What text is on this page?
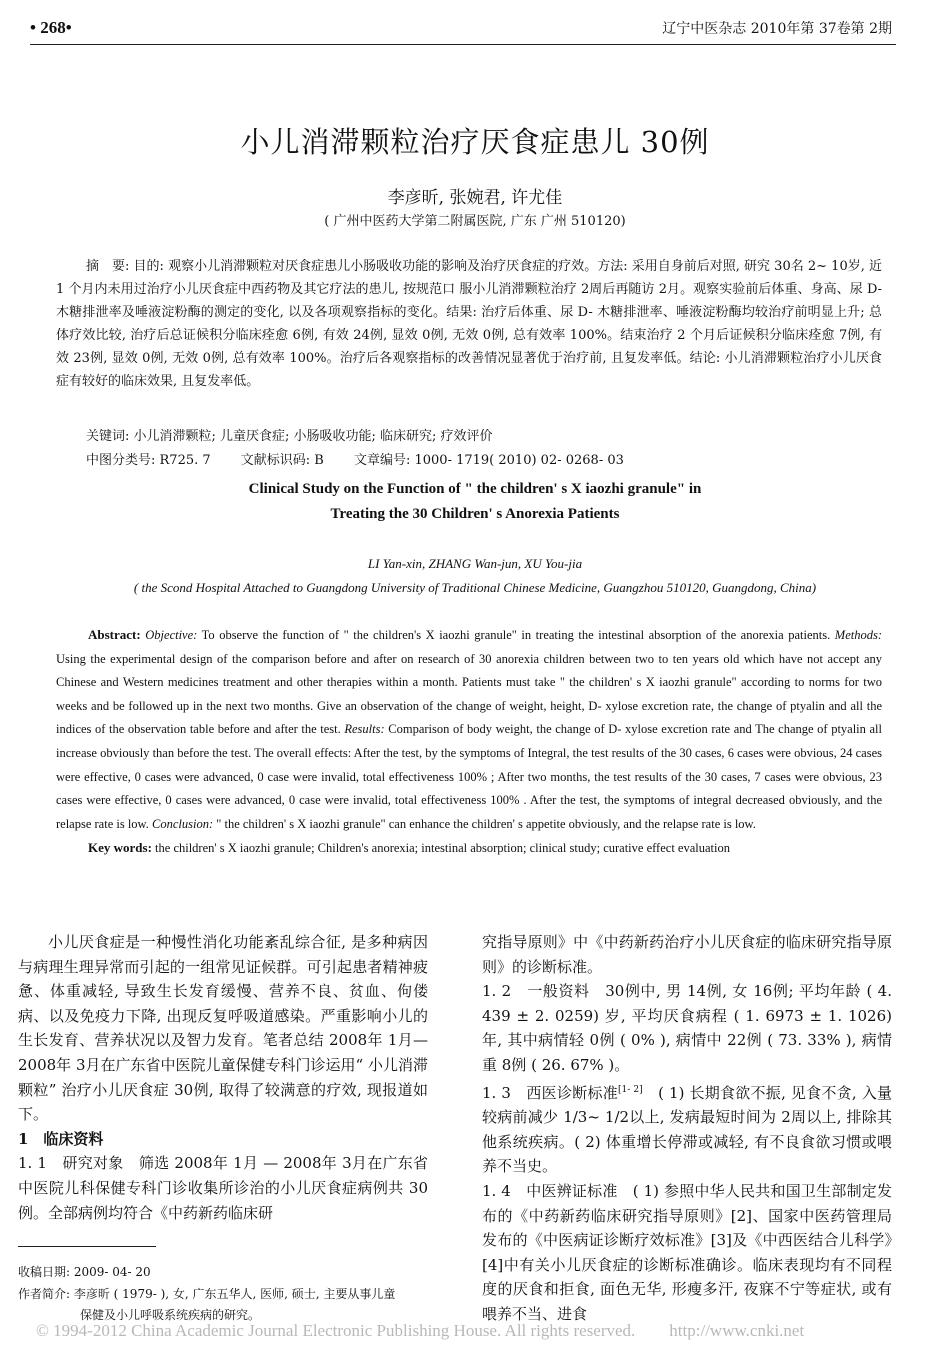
• 268•	辽宁中医杂志 2010年第 37卷第 2期
小儿消滞颗粒治疗厌食症患儿 30例
李彦昕, 张婉君, 许尤佳
( 广州中医药大学第二附属医院, 广东 广州 510120)
摘　要: 目的: 观察小儿消滞颗粒对厌食症患儿小肠吸收功能的影响及治疗厌食症的疗效。方法: 采用自身前后对照, 研究 30名 2~ 10岁, 近 1 个月内未用过治疗小儿厌食症中西药物及其它疗法的患儿, 按规范口 服小儿消滞颗粒治疗 2周后再随访 2月。观察实验前后体重、身高、尿 D- 木糖排泄率及唾液淀粉酶的测定的变化, 以及各项观察指标的变化。结果: 治疗后体重、尿 D- 木糖排泄率、唾液淀粉酶均较治疗前明显上升; 总体疗效比较, 治疗后总证候积分临床痊愈 6例, 有效 24例, 显效 0例, 无效 0例, 总有效率 100%。结束治疗 2 个月后证候积分临床痊愈 7例, 有效 23例, 显效 0例, 无效 0例, 总有效率 100%。治疗后各观察指标的改善情况显著优于治疗前, 且复发率低。结论: 小儿消滞颗粒治疗小儿厌食症有较好的临床效果, 且复发率低。
关键词: 小儿消滞颗粒; 儿童厌食症; 小肠吸收功能; 临床研究; 疗效评价
中图分类号: R725. 7　　 文献标识码: B　　 文章编号: 1000- 1719( 2010) 02- 0268- 03
Clinical Study on the Function of " the children' s X iaozhi granule" in
Treating the 30 Children' s Anorexia Patients
LI Yan-xin, ZHANG Wan-jun, XU You-jia
( the Scond Hospital Attached to Guangdong University of Traditional Chinese Medicine, Guangzhou 510120, Guangdong, China)
Abstract: Objective: To observe the function of " the children's X iaozhi granule" in treating the intestinal absorption of the anorexia patients. Methods: Using the experimental design of the comparison before and after on research of 30 anorexia children between two to ten years old which have not accept any Chinese and Western medicines treatment and other therapies within a month. Patients must take " the children' s X iaozhi granule" according to norms for two weeks and be followed up in the next two months. Give an observation of the change of weight, height, D- xylose excretion rate, the change of ptyalin and all the indices of the observation table before and after the test. Results: Comparison of body weight, the change of D- xylose excretion rate and The change of ptyalin all increase obviously than before the test. The overall effects: After the test, by the symptoms of Integral, the test results of the 30 cases, 6 cases were obvious, 24 cases were effective, 0 cases were advanced, 0 case were invalid, total effectiveness 100% ; After two months, the test results of the 30 cases, 7 cases were obvious, 23 cases were effective, 0 cases were advanced, 0 case were invalid, total effectiveness 100% . After the test, the symptoms of integral decreased obviously, and the relapse rate is low. Conclusion: " the children' s X iaozhi granule" can enhance the children' s appetite obviously, and the relapse rate is low.
Key words: the children' s X iaozhi granule; Children's anorexia; intestinal absorption; clinical study; curative effect evaluation

小儿厌食症是一种慢性消化功能紊乱综合征, 是多种病因与病理生理异常而引起的一组常见证候群。可引起患者精神疲惫、体重减轻, 导致生长发育缓慢、营养不良、贫血、佝偻病、以及免疫力下降, 出现反复呼吸道感染。严重影响小儿的生长发育、营养状况以及智力发育。笔者总结 2008年 1月— 2008年 3月在广东省中医院儿童保健专科门诊运用“ 小儿消滞颗粒” 治疗小儿厌食症 30例, 取得了较满意的疗效, 现报道如下。

1　临床资料

1. 1　研究对象　筛选 2008年 1月 — 2008年 3月在广东省中医院儿科保健专科门诊收集所诊治的小儿厌食症病例共 30例。全部病例均符合《中药新药临床研

究指导原则》中《中药新药治疗小儿厌食症的临床研究指导原则》的诊断标准。

1. 2　一般资料　30例中, 男 14例, 女 16例; 平均年龄 ( 4. 439 ± 2. 0259) 岁, 平均厌食病程 ( 1. 6973 ± 1. 1026) 年, 其中病情轻 0例 ( 0% ), 病情中 22例 ( 73. 33% ), 病情重 8例 ( 26. 67% )。

1. 3　西医诊断标准[1- 2]　( 1) 长期食欲不振, 见食不贪, 入量较病前减少 1/3~ 1/2以上, 发病最短时间为 2周以上, 排除其他系统疾病。( 2) 体重增长停滞或减轻, 有不良食欲习惯或喂养不当史。

1. 4　中医辨证标准　( 1) 参照中华人民共和国卫生部制定发布的《中药新药临床研究指导原则》[2]、国家中医药管理局发布的《中医病证诊断疗效标准》[3]及《中西医结合儿科学》[4]中有关小儿厌食症的诊断标准确诊。临床表现均有不同程度的厌食和拒食, 面色无华, 形瘦多汗, 夜寐不宁等症状, 或有喂养不当、进食

收稿日期: 2009- 04- 20
作者简介: 李彦昕 ( 1979- ), 女, 广东五华人, 医师, 硕士, 主要从事儿童
保健及小儿呼吸系统疾病的研究。
© 1994-2012 China Academic Journal Electronic Publishing House. All rights reserved.　　http://www.cnki.net
